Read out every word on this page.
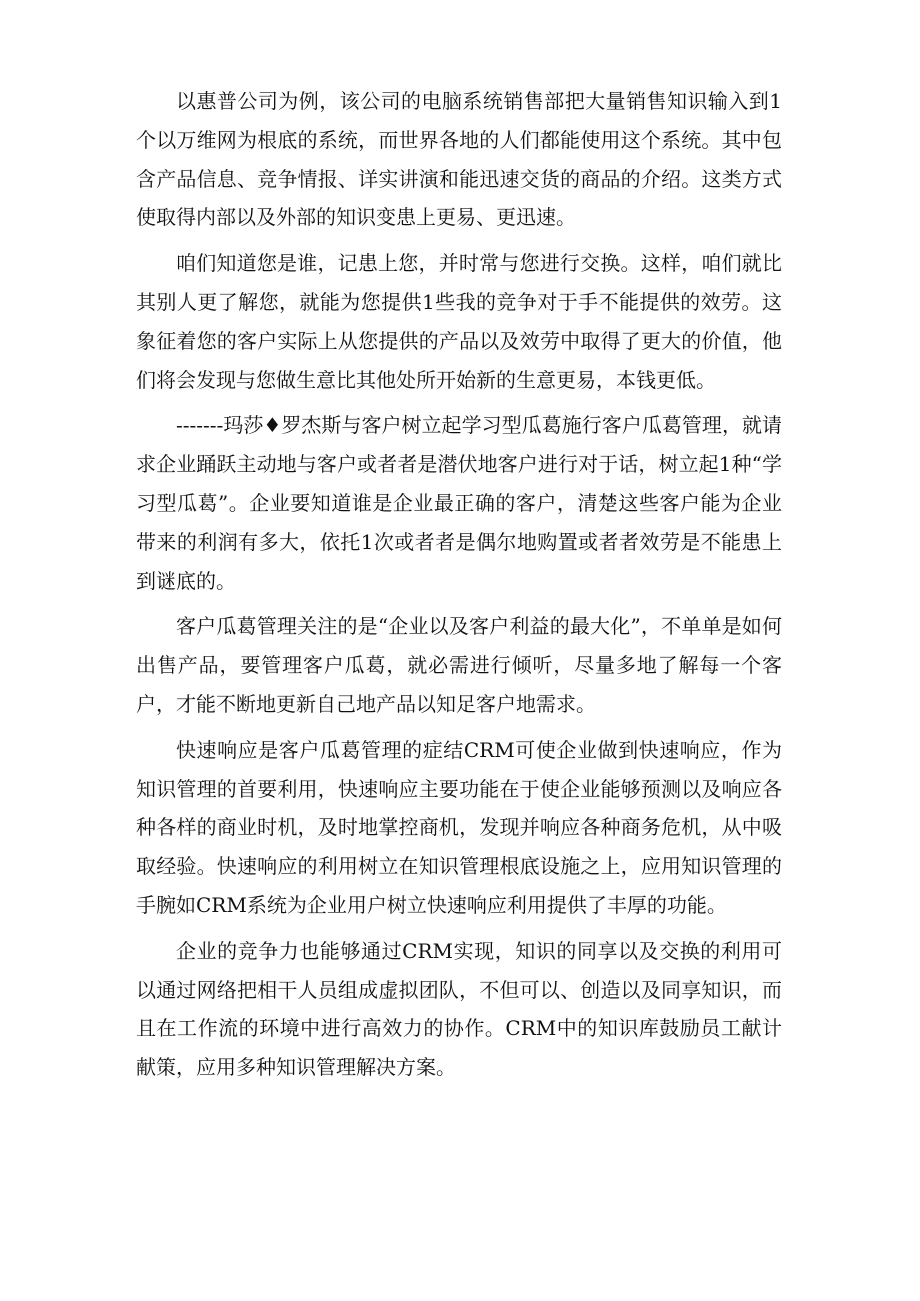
以惠普公司为例，该公司的电脑系统销售部把大量销售知识输入到1个以万维网为根底的系统，而世界各地的人们都能使用这个系统。其中包含产品信息、竞争情报、详实讲演和能迅速交货的商品的介绍。这类方式使取得内部以及外部的知识变患上更易、更迅速。

咱们知道您是谁，记患上您，并时常与您进行交换。这样，咱们就比其别人更了解您，就能为您提供1些我的竞争对于手不能提供的效劳。这象征着您的客户实际上从您提供的产品以及效劳中取得了更大的价值，他们将会发现与您做生意比其他处所开始新的生意更易，本钱更低。

-------玛莎♦罗杰斯与客户树立起学习型瓜葛施行客户瓜葛管理，就请求企业踊跃主动地与客户或者者是潜伏地客户进行对于话，树立起1种“学习型瓜葛”。企业要知道谁是企业最正确的客户，清楚这些客户能为企业带来的利润有多大，依托1次或者者是偶尔地购置或者者效劳是不能患上到谜底的。

客户瓜葛管理关注的是“企业以及客户利益的最大化”，不单单是如何出售产品，要管理客户瓜葛，就必需进行倾听，尽量多地了解每一个客户，才能不断地更新自己地产品以知足客户地需求。

快速响应是客户瓜葛管理的症结CRM可使企业做到快速响应，作为知识管理的首要利用，快速响应主要功能在于使企业能够预测以及响应各种各样的商业时机，及时地掌控商机，发现并响应各种商务危机，从中吸取经验。快速响应的利用树立在知识管理根底设施之上，应用知识管理的手腕如CRM系统为企业用户树立快速响应利用提供了丰厚的功能。

企业的竞争力也能够通过CRM实现，知识的同享以及交换的利用可以通过网络把相干人员组成虚拟团队，不但可以、创造以及同享知识，而且在工作流的环境中进行高效力的协作。CRM中的知识库鼓励员工献计献策，应用多种知识管理解决方案。
